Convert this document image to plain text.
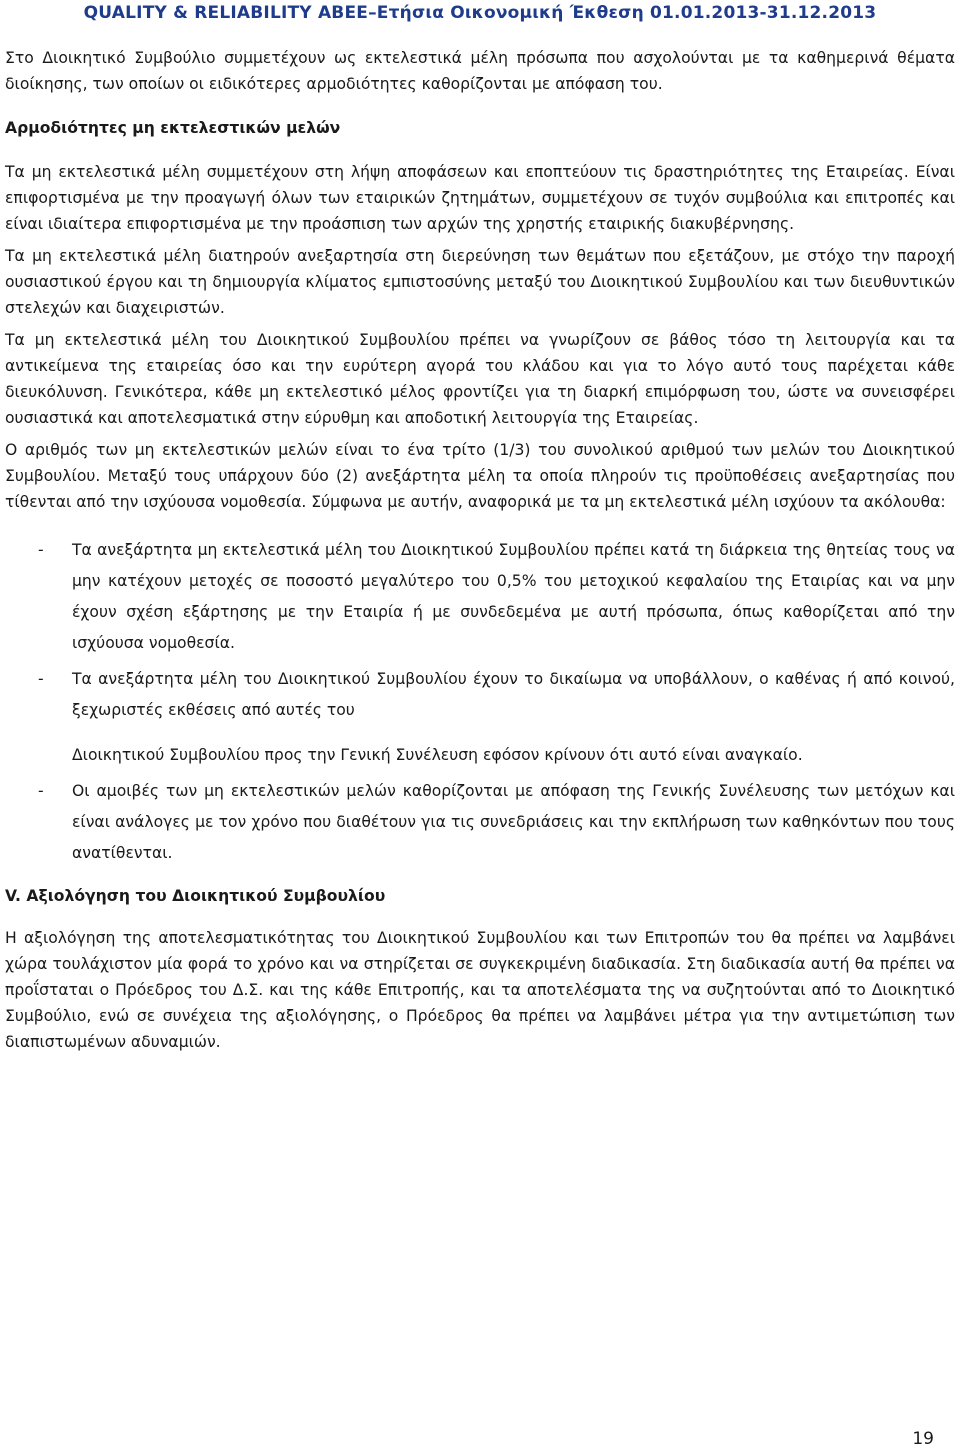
QUALITY & RELIABILITY ΑΒΕΕ–Ετήσια Οικονομική Έκθεση 01.01.2013-31.12.2013

Στο Διοικητικό Συμβούλιο συμμετέχουν ως εκτελεστικά μέλη πρόσωπα που ασχολούνται με τα καθημερινά θέματα διοίκησης, των οποίων οι ειδικότερες αρμοδιότητες καθορίζονται με απόφαση του.

Αρμοδιότητες μη εκτελεστικών μελών

Τα μη εκτελεστικά μέλη συμμετέχουν στη λήψη αποφάσεων και εποπτεύουν τις δραστηριότητες της Εταιρείας. Είναι επιφορτισμένα με την προαγωγή όλων των εταιρικών ζητημάτων, συμμετέχουν σε τυχόν συμβούλια και επιτροπές και είναι ιδιαίτερα επιφορτισμένα με την προάσπιση των αρχών της χρηστής εταιρικής διακυβέρνησης.

Τα μη εκτελεστικά μέλη διατηρούν ανεξαρτησία στη διερεύνηση των θεμάτων που εξετάζουν, με στόχο την παροχή ουσιαστικού έργου και τη δημιουργία κλίματος εμπιστοσύνης μεταξύ του Διοικητικού Συμβουλίου και των διευθυντικών στελεχών και διαχειριστών.

Τα μη εκτελεστικά μέλη του Διοικητικού Συμβουλίου πρέπει να γνωρίζουν σε βάθος τόσο τη λειτουργία και τα αντικείμενα της εταιρείας όσο και την ευρύτερη αγορά του κλάδου και για το λόγο αυτό τους παρέχεται κάθε διευκόλυνση. Γενικότερα, κάθε μη εκτελεστικό μέλος φροντίζει για τη διαρκή επιμόρφωση του, ώστε να συνεισφέρει ουσιαστικά και αποτελεσματικά στην εύρυθμη και αποδοτική λειτουργία της Εταιρείας.

Ο αριθμός των μη εκτελεστικών μελών είναι το ένα τρίτο (1/3) του συνολικού αριθμού των μελών του Διοικητικού Συμβουλίου. Μεταξύ τους υπάρχουν δύο (2) ανεξάρτητα μέλη τα οποία πληρούν τις προϋποθέσεις ανεξαρτησίας που τίθενται από την ισχύουσα νομοθεσία. Σύμφωνα με αυτήν, αναφορικά με τα μη εκτελεστικά μέλη ισχύουν τα ακόλουθα:

- Τα ανεξάρτητα μη εκτελεστικά μέλη του Διοικητικού Συμβουλίου πρέπει κατά τη διάρκεια της θητείας τους να μην κατέχουν μετοχές σε ποσοστό μεγαλύτερο του 0,5% του μετοχικού κεφαλαίου της Εταιρίας και να μην έχουν σχέση εξάρτησης με την Εταιρία ή με συνδεδεμένα με αυτή πρόσωπα, όπως καθορίζεται από την ισχύουσα νομοθεσία.
- Τα ανεξάρτητα μέλη του Διοικητικού Συμβουλίου έχουν το δικαίωμα να υποβάλλουν, ο καθένας ή από κοινού, ξεχωριστές εκθέσεις από αυτές του
Διοικητικού Συμβουλίου προς την Γενική Συνέλευση εφόσον κρίνουν ότι αυτό είναι αναγκαίο.
- Οι αμοιβές των μη εκτελεστικών μελών καθορίζονται με απόφαση της Γενικής Συνέλευσης των μετόχων και είναι ανάλογες με τον χρόνο που διαθέτουν για τις συνεδριάσεις και την εκπλήρωση των καθηκόντων που τους ανατίθενται.
V. Αξιολόγηση του Διοικητικού Συμβουλίου

Η αξιολόγηση της αποτελεσματικότητας του Διοικητικού Συμβουλίου και των Επιτροπών του θα πρέπει να λαμβάνει χώρα τουλάχιστον μία φορά το χρόνο και να στηρίζεται σε συγκεκριμένη διαδικασία. Στη διαδικασία αυτή θα πρέπει να προΐσταται ο Πρόεδρος του Δ.Σ. και της κάθε Επιτροπής, και τα αποτελέσματα της να συζητούνται από το Διοικητικό Συμβούλιο, ενώ σε συνέχεια της αξιολόγησης, ο Πρόεδρος θα πρέπει να λαμβάνει μέτρα για την αντιμετώπιση των διαπιστωμένων αδυναμιών.

19
